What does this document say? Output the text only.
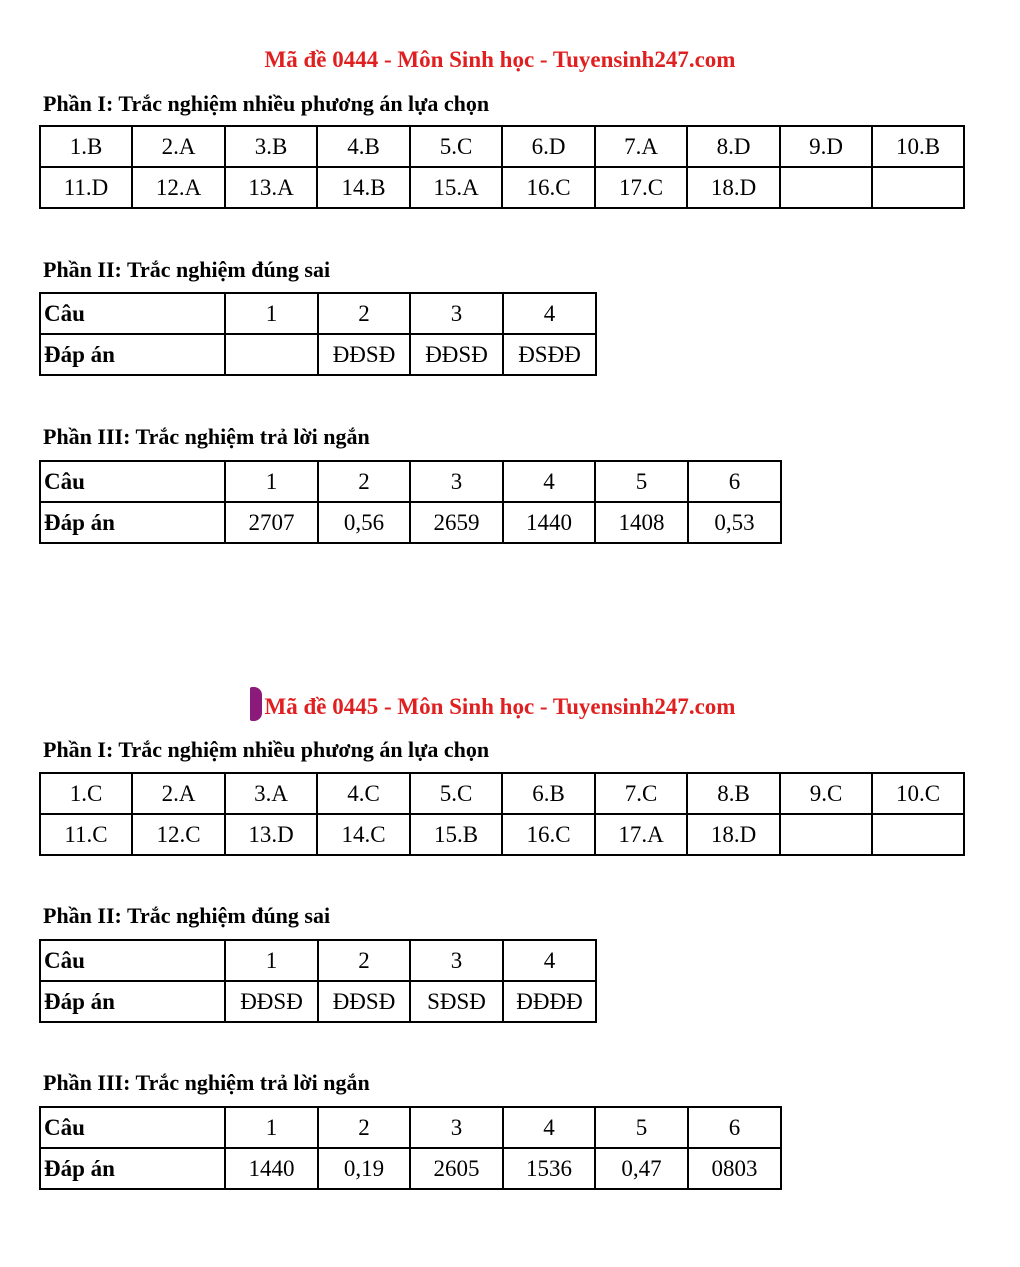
Mã đề 0444 - Môn Sinh học - Tuyensinh247.com
Phần I: Trắc nghiệm nhiều phương án lựa chọn
1.B	2.A	3.B	4.B	5.C	6.D	7.A	8.D	9.D	10.B
11.D	12.A	13.A	14.B	15.A	16.C	17.C	18.D		
Phần II: Trắc nghiệm đúng sai
Câu	1	2	3	4
Đáp án		ĐĐSĐ	ĐĐSĐ	ĐSĐĐ
Phần III: Trắc nghiệm trả lời ngắn
Câu	1	2	3	4	5	6
Đáp án	2707	0,56	2659	1440	1408	0,53
Mã đề 0445 - Môn Sinh học - Tuyensinh247.com
Phần I: Trắc nghiệm nhiều phương án lựa chọn
1.C	2.A	3.A	4.C	5.C	6.B	7.C	8.B	9.C	10.C
11.C	12.C	13.D	14.C	15.B	16.C	17.A	18.D		
Phần II: Trắc nghiệm đúng sai
Câu	1	2	3	4
Đáp án	ĐĐSĐ	ĐĐSĐ	SĐSĐ	ĐĐĐĐ
Phần III: Trắc nghiệm trả lời ngắn
Câu	1	2	3	4	5	6
Đáp án	1440	0,19	2605	1536	0,47	0803
